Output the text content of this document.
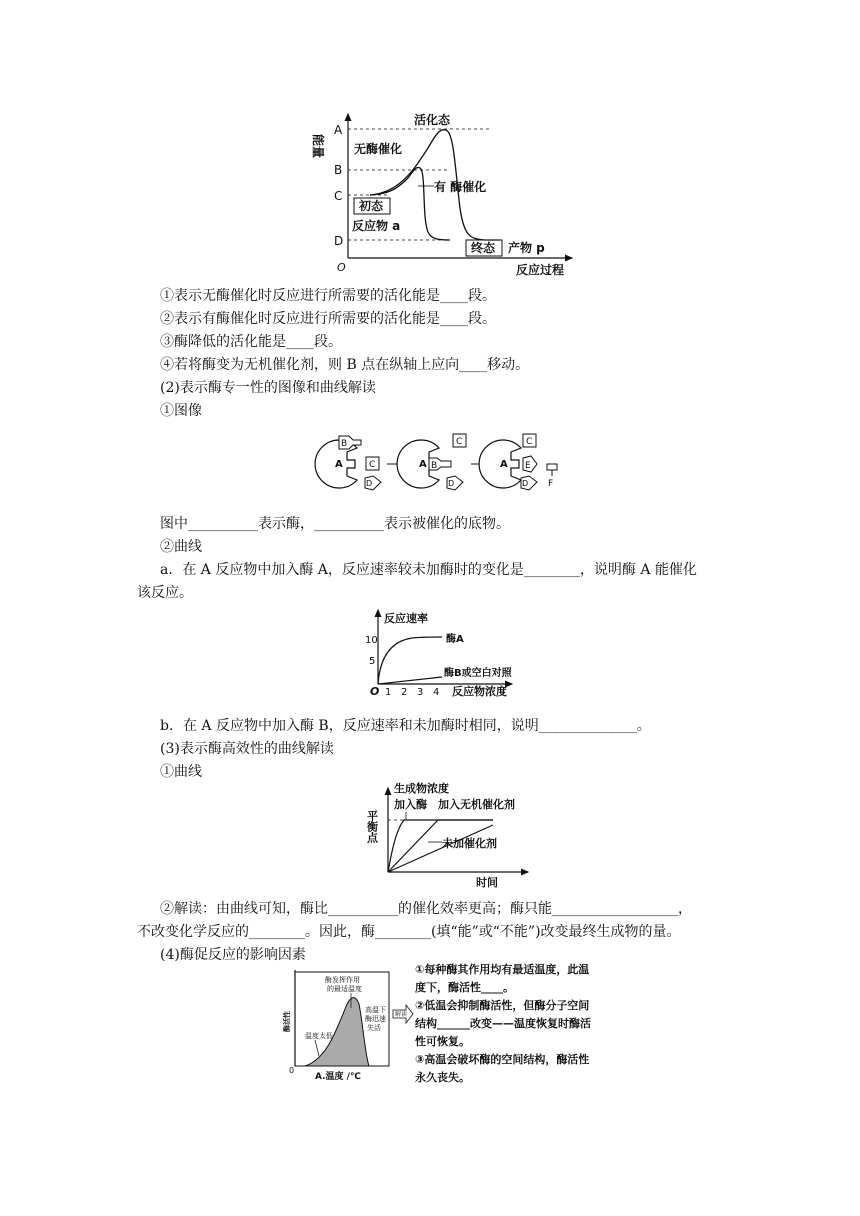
能量
反应过程
O
A
B
C
D
活化态
无酶催化
有 酶催化
初态
反应物 a
终态 产物 p
①表示无酶催化时反应进行所需要的活化能是____段。
②表示有酶催化时反应进行所需要的活化能是____段。
③酶降低的活化能是____段。
④若将酶变为无机催化剂，则 B 点在纵轴上应向____移动。
(2)表示酶专一性的图像和曲线解读
①图像
A
B
C
D
A B
C
D
A
C
E
D F
图中__________表示酶，__________表示被催化的底物。
②曲线
a．在 A 反应物中加入酶 A，反应速率较未加酶时的变化是________，说明酶 A 能催化
该反应。
反应速率
10
5
O 1 2 3 4 反应物浓度
酶A
酶B或空白对照
b．在 A 反应物中加入酶 B，反应速率和未加酶时相同，说明______________。
(3)表示酶高效性的曲线解读
①曲线
生成物浓度
加入酶 加入无机催化剂
平衡点
未加催化剂
时间
②解读：由曲线可知，酶比__________的催化效率更高；酶只能__________________，
不改变化学反应的________。因此，酶________(填“能”或“不能”)改变最终生成物的量。
(4)酶促反应的影响因素
酶活性
0
A.温度 /℃
酶发挥作用
的最适温度
温度太低
高温下
酶迅速
失活
解读
①每种酶其作用均有最适温度，此温
度下，酶活性____。
②低温会抑制酶活性，但酶分子空间
结构______改变——温度恢复时酶活
性可恢复。
③高温会破坏酶的空间结构，酶活性
永久丧失。
